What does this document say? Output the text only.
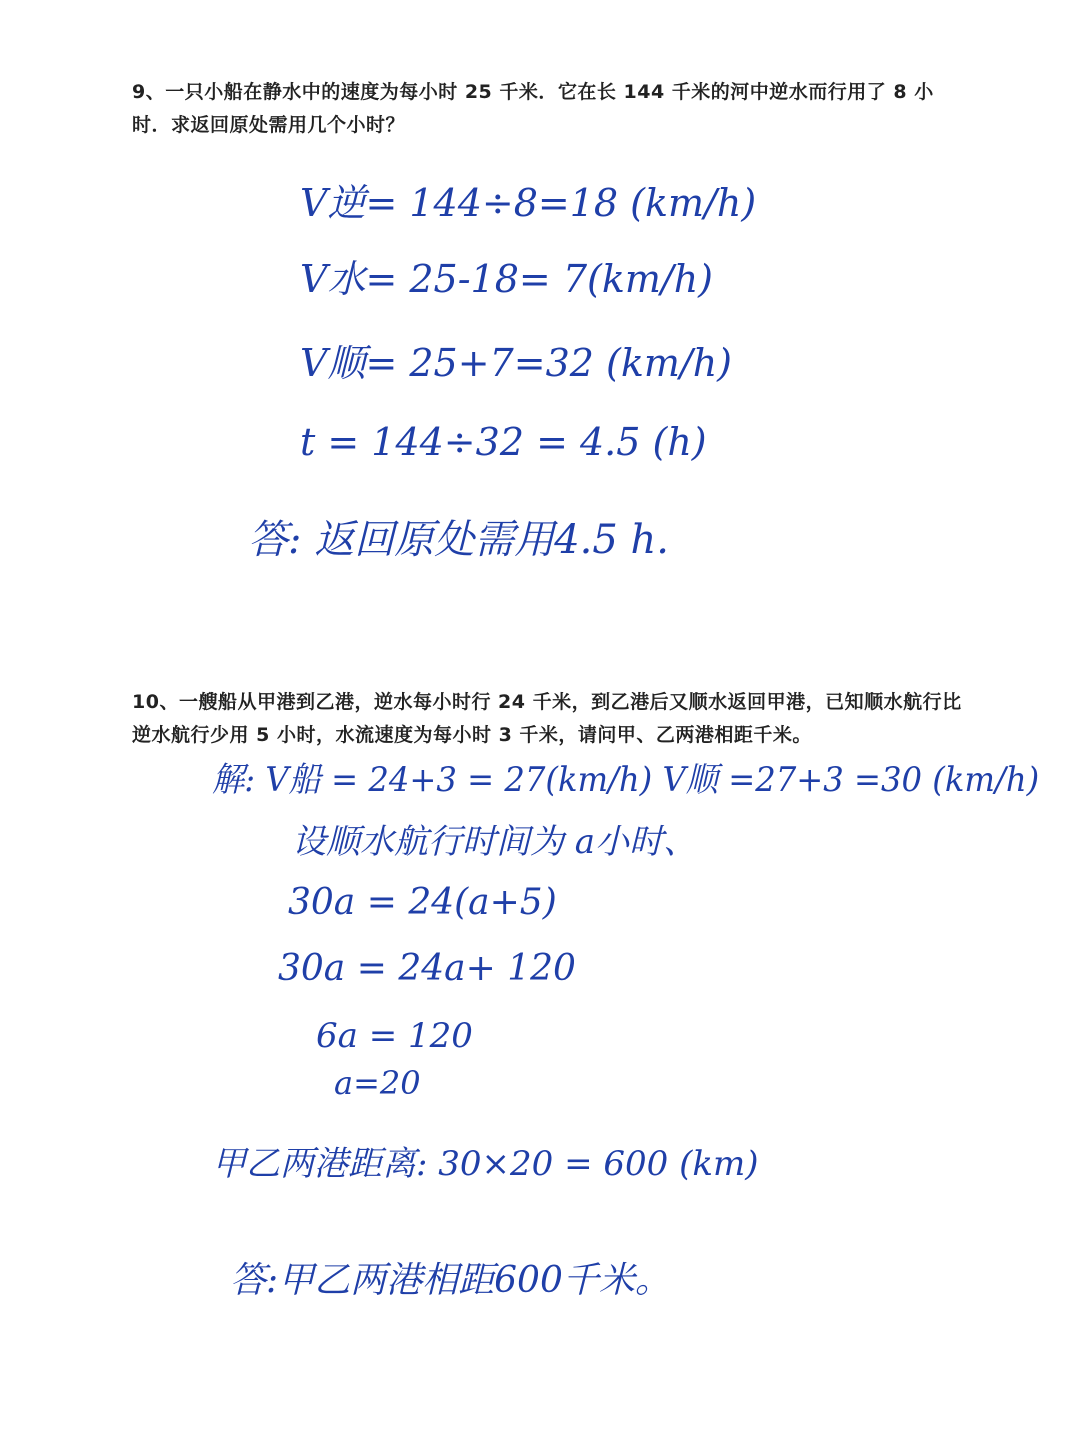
9、一只小船在静水中的速度为每小时 25 千米．它在长 144 千米的河中逆水而行用了 8 小时．求返回原处需用几个小时？

V逆= 144÷8=18 (km/h)

V水= 25-18= 7(km/h)

V顺= 25+7=32 (km/h)

t = 144÷32 = 4.5 (h)

答: 返回原处需用4.5 h.

10、一艘船从甲港到乙港，逆水每小时行 24 千米，到乙港后又顺水返回甲港，已知顺水航行比逆水航行少用 5 小时，水流速度为每小时 3 千米，请问甲、乙两港相距千米。

解: V船 = 24+3 = 27(km/h) V顺 =27+3 =30 (km/h)

设顺水航行时间为 a小时、

30a = 24(a+5)

30a = 24a+ 120

6a = 120

a=20

甲乙两港距离: 30×20 = 600 (km)

答:甲乙两港相距600千米。
